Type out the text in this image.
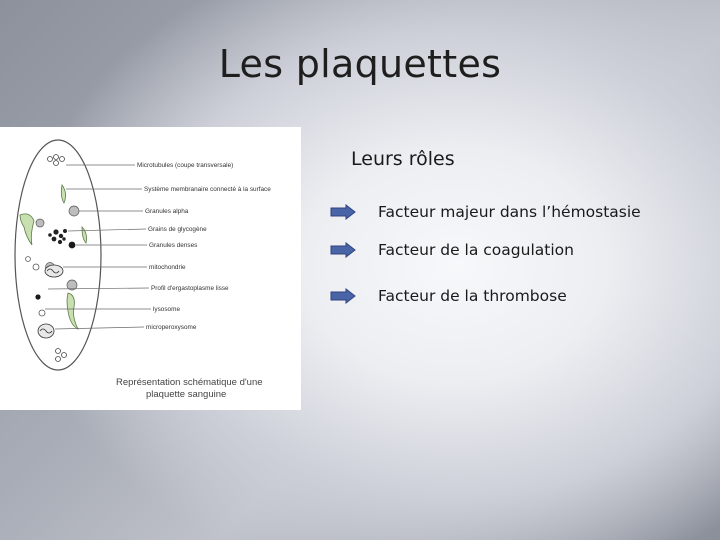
Les plaquettes
Microtubules (coupe transversale)
Système membranaire connecté à la surface
Granules alpha
Grains de glycogène
Granules denses
mitochondrie
Profil d'ergastoplasme lisse
lysosome
microperoxysome
Représentation schématique d'une
plaquette sanguine
Leurs rôles
Facteur majeur dans l’hémostasie
Facteur de la coagulation
Facteur de la thrombose
